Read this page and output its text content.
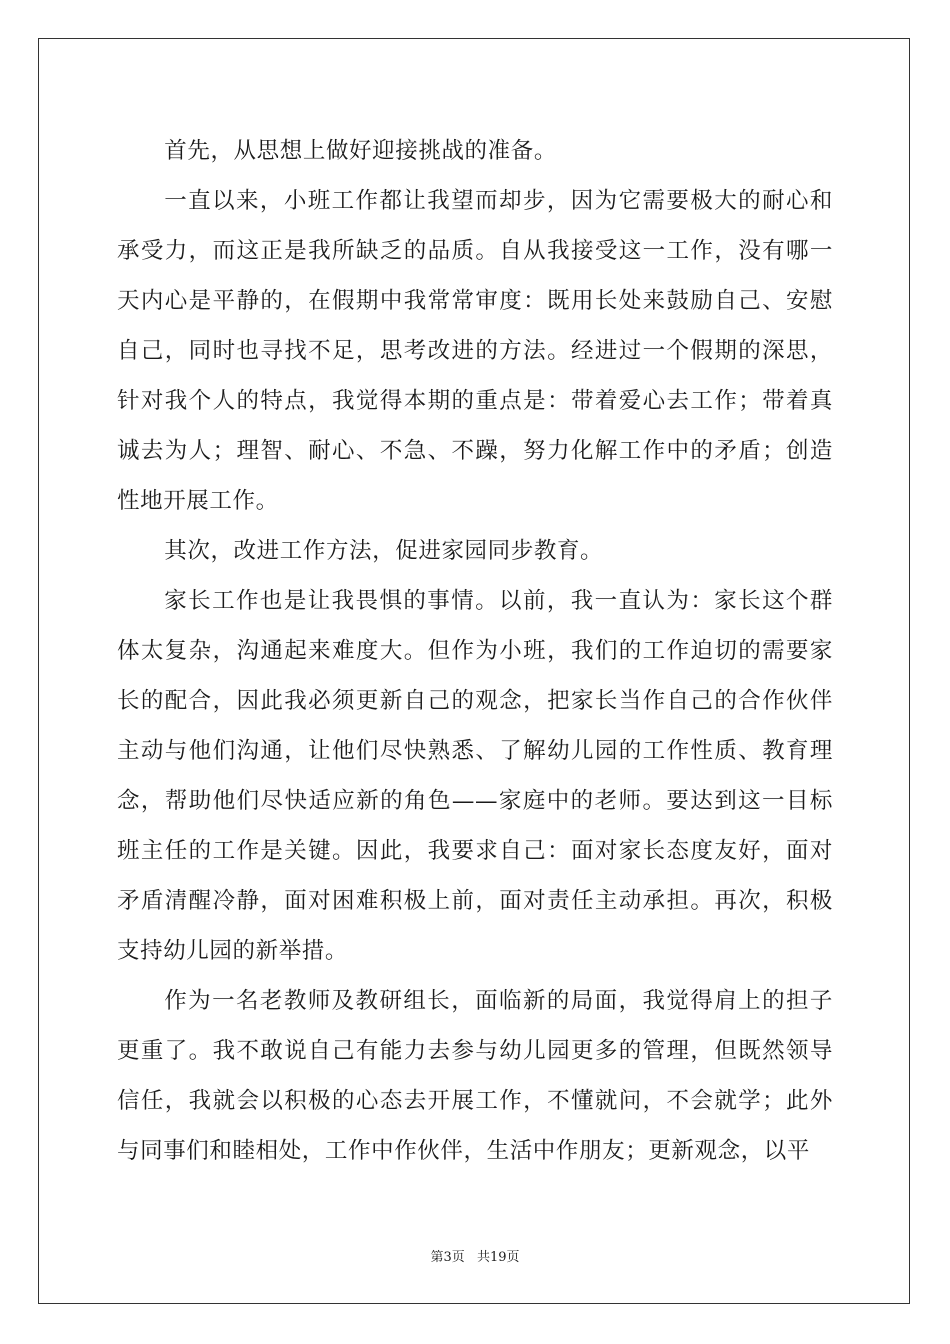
首先，从思想上做好迎接挑战的准备。

一直以来，小班工作都让我望而却步，因为它需要极大的耐心和承受力，而这正是我所缺乏的品质。自从我接受这一工作，没有哪一天内心是平静的，在假期中我常常审度：既用长处来鼓励自己、安慰自己，同时也寻找不足，思考改进的方法。经进过一个假期的深思，针对我个人的特点，我觉得本期的重点是：带着爱心去工作；带着真诚去为人；理智、耐心、不急、不躁，努力化解工作中的矛盾；创造性地开展工作。

其次，改进工作方法，促进家园同步教育。

家长工作也是让我畏惧的事情。以前，我一直认为：家长这个群体太复杂，沟通起来难度大。但作为小班，我们的工作迫切的需要家长的配合，因此我必须更新自己的观念，把家长当作自己的合作伙伴主动与他们沟通，让他们尽快熟悉、了解幼儿园的工作性质、教育理念，帮助他们尽快适应新的角色——家庭中的老师。要达到这一目标班主任的工作是关键。因此，我要求自己：面对家长态度友好，面对矛盾清醒冷静，面对困难积极上前，面对责任主动承担。再次，积极支持幼儿园的新举措。

作为一名老教师及教研组长，面临新的局面，我觉得肩上的担子更重了。我不敢说自己有能力去参与幼儿园更多的管理，但既然领导信任，我就会以积极的心态去开展工作，不懂就问，不会就学；此外与同事们和睦相处，工作中作伙伴，生活中作朋友；更新观念，以平

第3页 共19页
